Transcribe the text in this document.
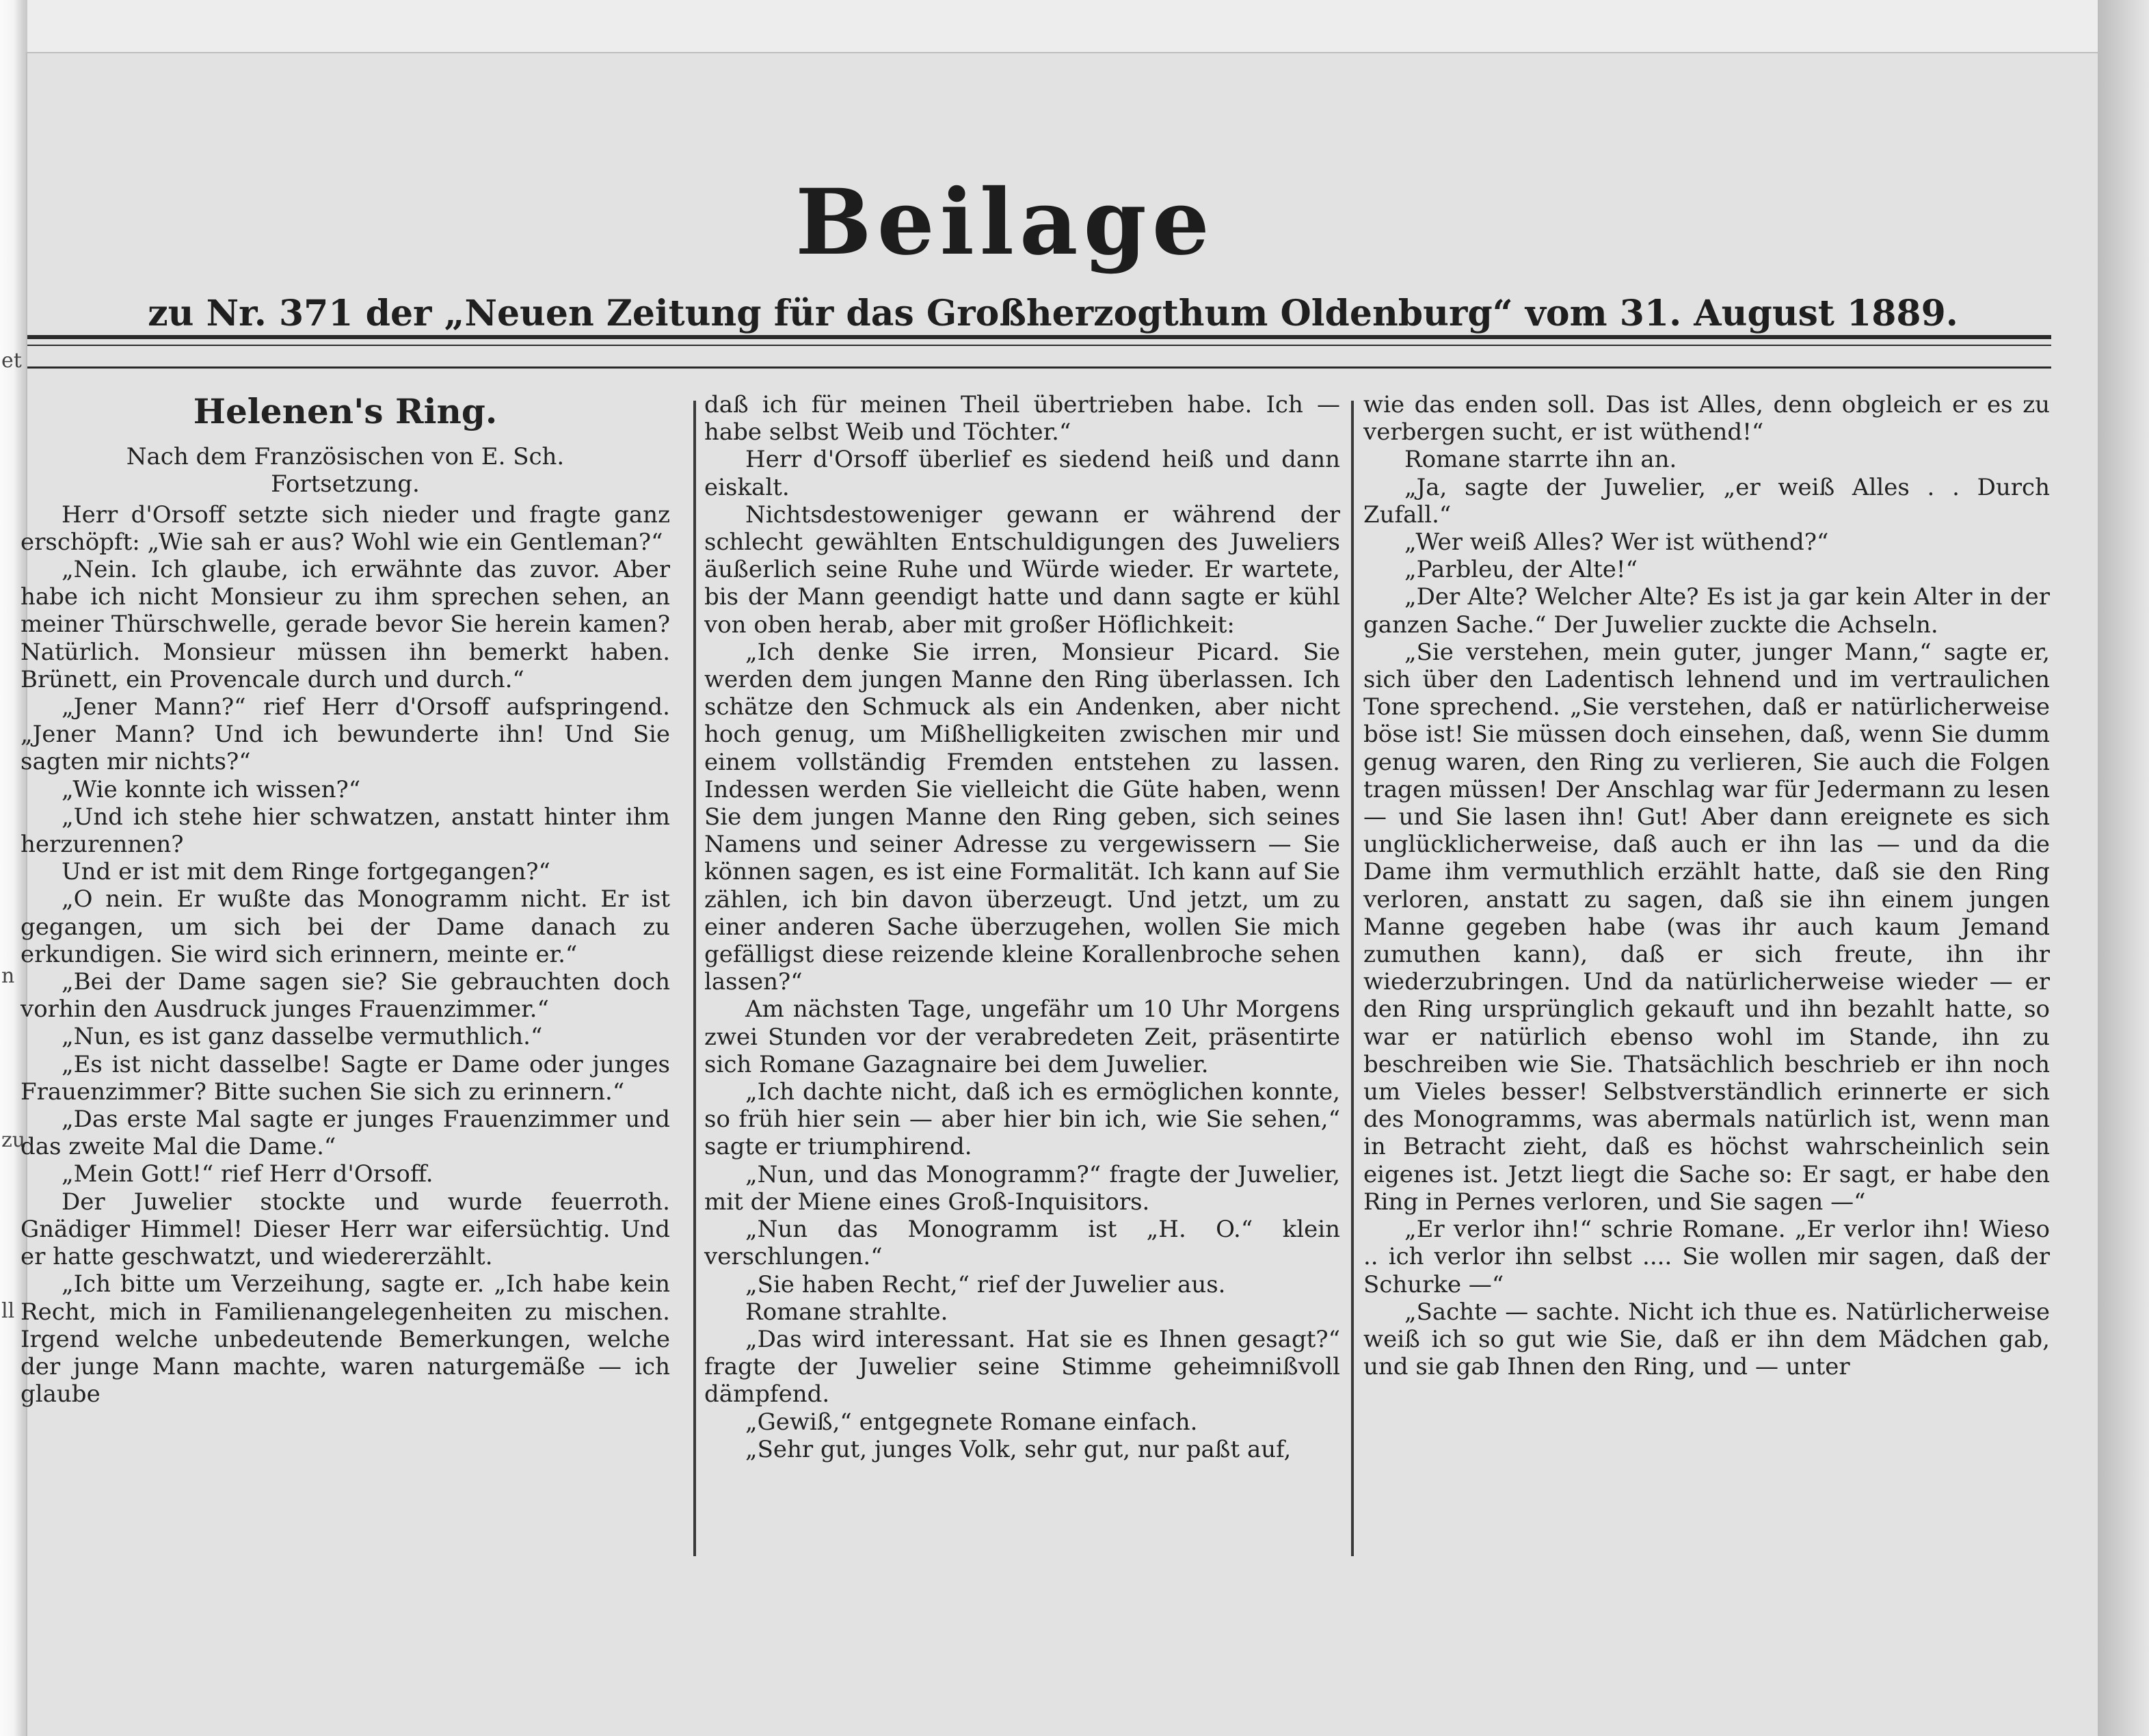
et
n
zu
ll
Beilage
zu Nr. 371 der „Neuen Zeitung für das Großherzogthum Oldenburg“ vom 31. August 1889.
Helenen's Ring.

Nach dem Französischen von E. Sch.

Fortsetzung.

Herr d'Orsoff setzte sich nieder und fragte ganz erschöpft: „Wie sah er aus? Wohl wie ein Gentleman?“

„Nein. Ich glaube, ich erwähnte das zuvor. Aber habe ich nicht Monsieur zu ihm sprechen sehen, an meiner Thürschwelle, gerade bevor Sie herein kamen? Natürlich. Monsieur müssen ihn bemerkt haben. Brünett, ein Provencale durch und durch.“

„Jener Mann?“ rief Herr d'Orsoff aufspringend. „Jener Mann? Und ich bewunderte ihn! Und Sie sagten mir nichts?“

„Wie konnte ich wissen?“

„Und ich stehe hier schwatzen, anstatt hinter ihm herzurennen?

Und er ist mit dem Ringe fortgegangen?“

„O nein. Er wußte das Monogramm nicht. Er ist gegangen, um sich bei der Dame danach zu erkundigen. Sie wird sich erinnern, meinte er.“

„Bei der Dame sagen sie? Sie gebrauchten doch vorhin den Ausdruck junges Frauenzimmer.“

„Nun, es ist ganz dasselbe vermuthlich.“

„Es ist nicht dasselbe! Sagte er Dame oder junges Frauenzimmer? Bitte suchen Sie sich zu erinnern.“

„Das erste Mal sagte er junges Frauenzimmer und das zweite Mal die Dame.“

„Mein Gott!“ rief Herr d'Orsoff.

Der Juwelier stockte und wurde feuerroth. Gnädiger Himmel! Dieser Herr war eifersüchtig. Und er hatte geschwatzt, und wiedererzählt.

„Ich bitte um Verzeihung, sagte er. „Ich habe kein Recht, mich in Familienangelegenheiten zu mischen. Irgend welche unbedeutende Bemerkungen, welche der junge Mann machte, waren naturgemäße — ich glaube

daß ich für meinen Theil übertrieben habe. Ich — habe selbst Weib und Töchter.“

Herr d'Orsoff überlief es siedend heiß und dann eiskalt.

Nichtsdestoweniger gewann er während der schlecht gewählten Entschuldigungen des Juweliers äußerlich seine Ruhe und Würde wieder. Er wartete, bis der Mann geendigt hatte und dann sagte er kühl von oben herab, aber mit großer Höflichkeit:

„Ich denke Sie irren, Monsieur Picard. Sie werden dem jungen Manne den Ring überlassen. Ich schätze den Schmuck als ein Andenken, aber nicht hoch genug, um Mißhelligkeiten zwischen mir und einem vollständig Fremden entstehen zu lassen. Indessen werden Sie vielleicht die Güte haben, wenn Sie dem jungen Manne den Ring geben, sich seines Namens und seiner Adresse zu vergewissern — Sie können sagen, es ist eine Formalität. Ich kann auf Sie zählen, ich bin davon überzeugt. Und jetzt, um zu einer anderen Sache überzugehen, wollen Sie mich gefälligst diese reizende kleine Korallenbroche sehen lassen?“

Am nächsten Tage, ungefähr um 10 Uhr Morgens zwei Stunden vor der verabredeten Zeit, präsentirte sich Romane Gazagnaire bei dem Juwelier.

„Ich dachte nicht, daß ich es ermöglichen konnte, so früh hier sein — aber hier bin ich, wie Sie sehen,“ sagte er triumphirend.

„Nun, und das Monogramm?“ fragte der Juwelier, mit der Miene eines Groß-Inquisitors.

„Nun das Monogramm ist „H. O.“ klein verschlungen.“

„Sie haben Recht,“ rief der Juwelier aus.

Romane strahlte.

„Das wird interessant. Hat sie es Ihnen gesagt?“ fragte der Juwelier seine Stimme geheimnißvoll dämpfend.

„Gewiß,“ entgegnete Romane einfach.

„Sehr gut, junges Volk, sehr gut, nur paßt auf,

wie das enden soll. Das ist Alles, denn obgleich er es zu verbergen sucht, er ist wüthend!“

Romane starrte ihn an.

„Ja, sagte der Juwelier, „er weiß Alles . . Durch Zufall.“

„Wer weiß Alles? Wer ist wüthend?“

„Parbleu, der Alte!“

„Der Alte? Welcher Alte? Es ist ja gar kein Alter in der ganzen Sache.“ Der Juwelier zuckte die Achseln.

„Sie verstehen, mein guter, junger Mann,“ sagte er, sich über den Ladentisch lehnend und im vertraulichen Tone sprechend. „Sie verstehen, daß er natürlicherweise böse ist! Sie müssen doch einsehen, daß, wenn Sie dumm genug waren, den Ring zu verlieren, Sie auch die Folgen tragen müssen! Der Anschlag war für Jedermann zu lesen — und Sie lasen ihn! Gut! Aber dann ereignete es sich unglücklicherweise, daß auch er ihn las — und da die Dame ihm vermuthlich erzählt hatte, daß sie den Ring verloren, anstatt zu sagen, daß sie ihn einem jungen Manne gegeben habe (was ihr auch kaum Jemand zumuthen kann), daß er sich freute, ihn ihr wiederzubringen. Und da natürlicherweise wieder — er den Ring ursprünglich gekauft und ihn bezahlt hatte, so war er natürlich ebenso wohl im Stande, ihn zu beschreiben wie Sie. Thatsächlich beschrieb er ihn noch um Vieles besser! Selbstverständlich erinnerte er sich des Monogramms, was abermals natürlich ist, wenn man in Betracht zieht, daß es höchst wahrscheinlich sein eigenes ist. Jetzt liegt die Sache so: Er sagt, er habe den Ring in Pernes verloren, und Sie sagen —“

„Er verlor ihn!“ schrie Romane. „Er verlor ihn! Wieso .. ich verlor ihn selbst .... Sie wollen mir sagen, daß der Schurke —“

„Sachte — sachte. Nicht ich thue es. Natürlicherweise weiß ich so gut wie Sie, daß er ihn dem Mädchen gab, und sie gab Ihnen den Ring, und — unter
